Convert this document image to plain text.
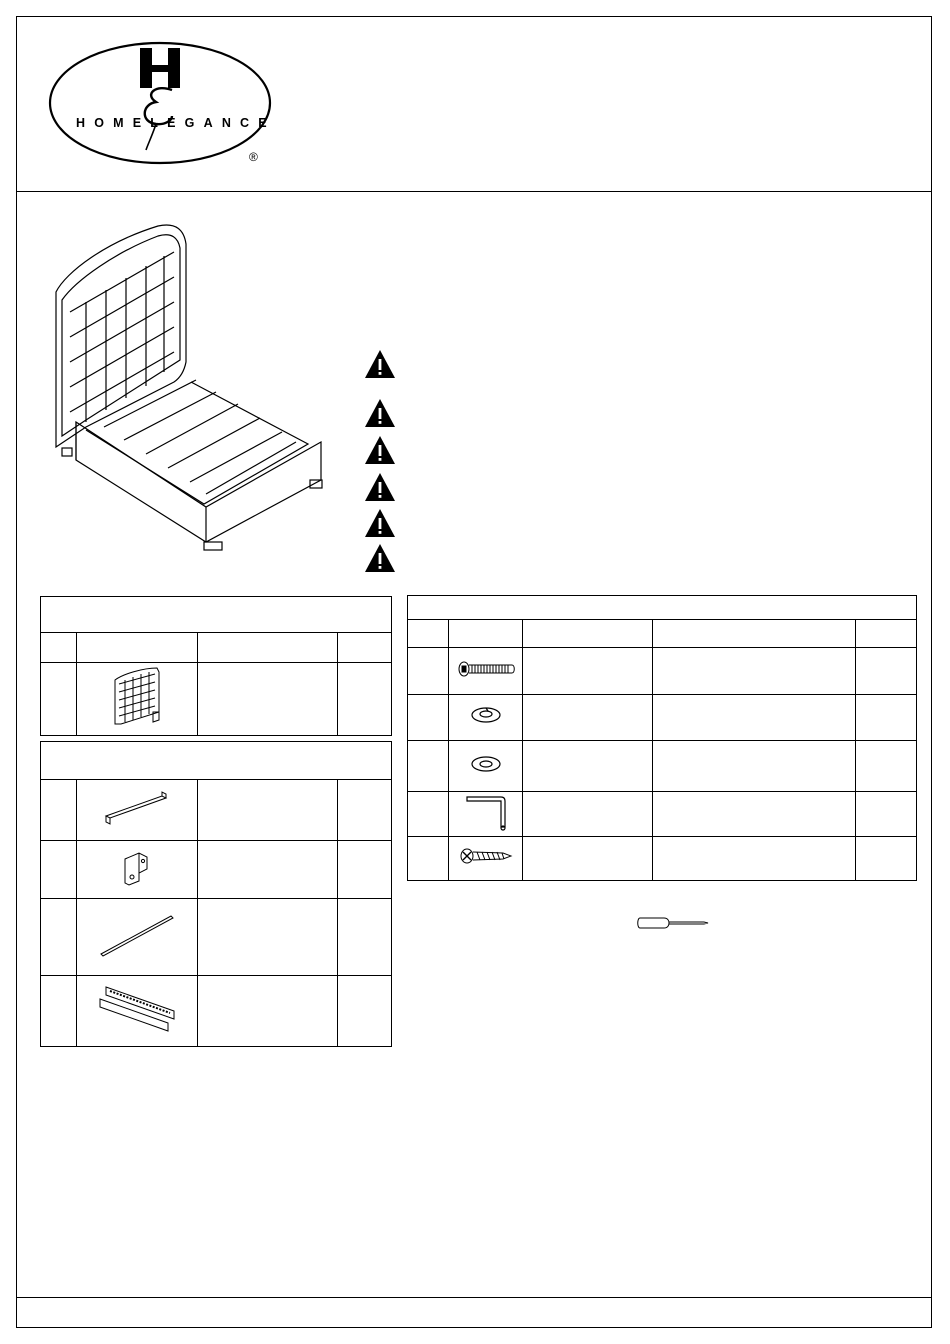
HOMELEGANCE
®
